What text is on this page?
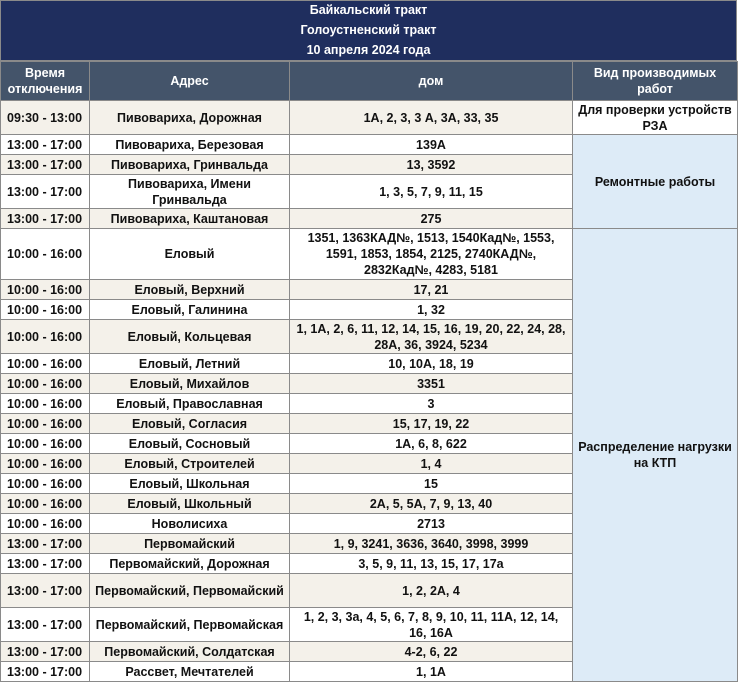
Байкальский тракт
Голоустненский тракт
10 апреля 2024 года
Время отключения	Адрес	дом	Вид производимых работ
09:30 - 13:00	Пивовариха, Дорожная	1А, 2, 3, 3 А, 3А, 33, 35	Для проверки устройств РЗА
13:00 - 17:00	Пивовариха, Березовая	139А	Ремонтные работы
13:00 - 17:00	Пивовариха, Гринвальда	13, 3592	
13:00 - 17:00	Пивовариха, Имени Гринвальда	1, 3, 5, 7, 9, 11, 15	
13:00 - 17:00	Пивовариха, Каштановая	275	
10:00 - 16:00	Еловый	1351, 1363КАД№, 1513, 1540Кад№, 1553, 1591, 1853, 1854, 2125, 2740КАД№, 2832Кад№, 4283, 5181	Распределение нагрузки на КТП
10:00 - 16:00	Еловый, Верхний	17, 21	
10:00 - 16:00	Еловый, Галинина	1, 32	
10:00 - 16:00	Еловый, Кольцевая	1, 1А, 2, 6, 11, 12, 14, 15, 16, 19, 20, 22, 24, 28, 28А, 36, 3924, 5234	
10:00 - 16:00	Еловый, Летний	10, 10А, 18, 19	
10:00 - 16:00	Еловый, Михайлов	3351	
10:00 - 16:00	Еловый, Православная	3	
10:00 - 16:00	Еловый, Согласия	15, 17, 19, 22	
10:00 - 16:00	Еловый, Сосновый	1А, 6, 8, 622	
10:00 - 16:00	Еловый, Строителей	1, 4	
10:00 - 16:00	Еловый, Школьная	15	
10:00 - 16:00	Еловый, Школьный	2А, 5, 5А, 7, 9, 13, 40	
10:00 - 16:00	Новолисиха	2713	
13:00 - 17:00	Первомайский	1, 9, 3241, 3636, 3640, 3998, 3999	
13:00 - 17:00	Первомайский, Дорожная	3, 5, 9, 11, 13, 15, 17, 17а	
13:00 - 17:00	Первомайский, Первомайский	1, 2, 2А, 4	
13:00 - 17:00	Первомайский, Первомайская	1, 2, 3, 3а, 4, 5, 6, 7, 8, 9, 10, 11, 11А, 12, 14, 16, 16А	
13:00 - 17:00	Первомайский, Солдатская	4-2, 6, 22	
13:00 - 17:00	Рассвет, Мечтателей	1, 1А	
